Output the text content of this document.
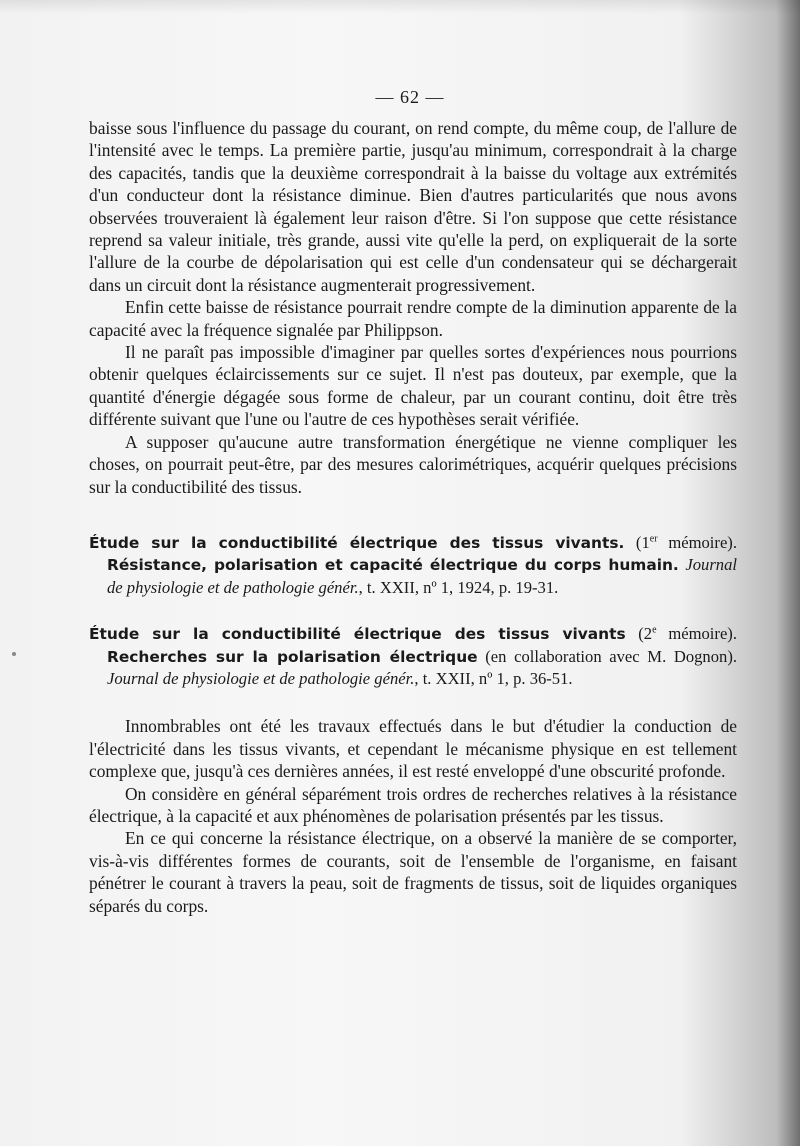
— 62 —

baisse sous l'influence du passage du courant, on rend compte, du même coup, de l'allure de l'intensité avec le temps. La première partie, jusqu'au minimum, correspondrait à la charge des capacités, tandis que la deuxième correspondrait à la baisse du voltage aux extrémités d'un conducteur dont la résistance diminue. Bien d'autres particularités que nous avons observées trouveraient là également leur raison d'être. Si l'on suppose que cette résistance reprend sa valeur initiale, très grande, aussi vite qu'elle la perd, on expliquerait de la sorte l'allure de la courbe de dépolarisation qui est celle d'un condensateur qui se déchargerait dans un circuit dont la résistance augmenterait progressivement.

Enfin cette baisse de résistance pourrait rendre compte de la diminution apparente de la capacité avec la fréquence signalée par Philippson.

Il ne paraît pas impossible d'imaginer par quelles sortes d'expériences nous pourrions obtenir quelques éclaircissements sur ce sujet. Il n'est pas douteux, par exemple, que la quantité d'énergie dégagée sous forme de chaleur, par un courant continu, doit être très différente suivant que l'une ou l'autre de ces hypothèses serait vérifiée.

A supposer qu'aucune autre transformation énergétique ne vienne compliquer les choses, on pourrait peut-être, par des mesures calorimétriques, acquérir quelques précisions sur la conductibilité des tissus.

Étude sur la conductibilité électrique des tissus vivants. (1er mémoire). Résistance, polarisation et capacité électrique du corps humain. Journal de physiologie et de pathologie génér., t. XXII, nº 1, 1924, p. 19-31.

Étude sur la conductibilité électrique des tissus vivants (2e mémoire). Recherches sur la polarisation électrique (en collaboration avec M. Dognon). Journal de physiologie et de pathologie génér., t. XXII, nº 1, p. 36-51.

Innombrables ont été les travaux effectués dans le but d'étudier la conduction de l'électricité dans les tissus vivants, et cependant le mécanisme physique en est tellement complexe que, jusqu'à ces dernières années, il est resté enveloppé d'une obscurité profonde.

On considère en général séparément trois ordres de recherches relatives à la résistance électrique, à la capacité et aux phénomènes de polarisation présentés par les tissus.

En ce qui concerne la résistance électrique, on a observé la manière de se comporter, vis-à-vis différentes formes de courants, soit de l'ensemble de l'organisme, en faisant pénétrer le courant à travers la peau, soit de fragments de tissus, soit de liquides organiques séparés du corps.
